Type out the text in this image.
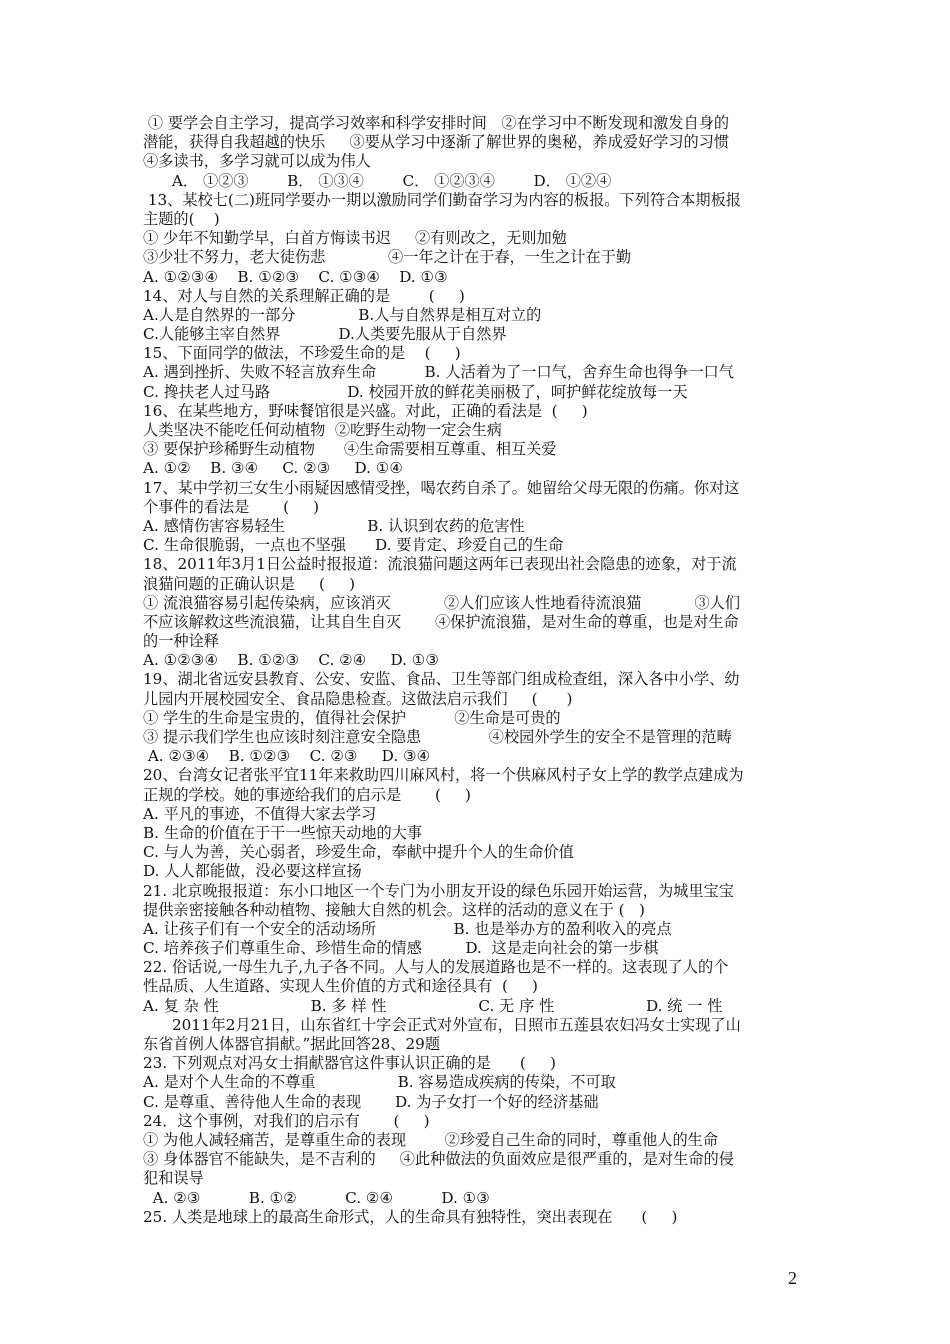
① 要学会自主学习，提高学习效率和科学安排时间   ②在学习中不断发现和激发自身的
潜能，获得自我超越的快乐     ③要从学习中逐渐了解世界的奥秘，养成爱好学习的习惯
④多读书，多学习就可以成为伟人
A． ①②③        B． ①③④        C． ①②③④        D． ①②④
13、某校七(二)班同学要办一期以激励同学们勤奋学习为内容的板报。下列符合本期板报
主题的(    )
① 少年不知勤学早，白首方悔读书迟     ②有则改之，无则加勉
③少壮不努力，老大徒伤悲             ④一年之计在于春，一生之计在于勤
A. ①②③④    B. ①②③    C. ①③④    D. ①③
14、对人与自然的关系理解正确的是        (     )
A.人是自然界的一部分             B.人与自然界是相互对立的
C.人能够主宰自然界            D.人类要先服从于自然界
15、下面同学的做法，不珍爱生命的是    (     )
A. 遇到挫折、失败不轻言放弃生命          B. 人活着为了一口气，舍弃生命也得争一口气
C. 搀扶老人过马路                D. 校园开放的鲜花美丽极了，呵护鲜花绽放每一天
16、在某些地方，野味餐馆很是兴盛。对此，正确的看法是  (     )
人类坚决不能吃任何动植物  ②吃野生动物一定会生病
③ 要保护珍稀野生动植物      ④生命需要相互尊重、相互关爱
A. ①②    B. ③④     C. ②③     D. ①④
17、某中学初三女生小雨疑因感情受挫，喝农药自杀了。她留给父母无限的伤痛。你对这
个事件的看法是       (     )
A. 感情伤害容易轻生                 B. 认识到农药的危害性
C. 生命很脆弱，一点也不坚强      D. 要肯定、珍爱自己的生命
18、2011年3月1日公益时报报道：流浪猫问题这两年已表现出社会隐患的迹象，对于流
浪猫问题的正确认识是     (     )
① 流浪猫容易引起传染病，应该消灭           ②人们应该人性地看待流浪猫           ③人们
不应该解救这些流浪猫，让其自生自灭       ④保护流浪猫，是对生命的尊重，也是对生命
的一种诠释
A. ①②③④    B. ①②③    C. ②④     D. ①③
19、湖北省远安县教育、公安、安监、食品、卫生等部门组成检查组，深入各中小学、幼
儿园内开展校园安全、食品隐患检查。这做法启示我们     (      )
① 学生的生命是宝贵的，值得社会保护          ②生命是可贵的
③ 提示我们学生也应该时刻注意安全隐患              ④校园外学生的安全不是管理的范畴
A. ②③④    B. ①②③    C. ②③     D. ③④
20、台湾女记者张平宜11年来救助四川麻风村，将一个供麻风村子女上学的教学点建成为
正规的学校。她的事迹给我们的启示是       (     )
A. 平凡的事迹，不值得大家去学习
B. 生命的价值在于干一些惊天动地的大事
C. 与人为善，关心弱者，珍爱生命，奉献中提升个人的生命价值
D. 人人都能做，没必要这样宣扬
21. 北京晚报报道：东小口地区一个专门为小朋友开设的绿色乐园开始运营，为城里宝宝
提供亲密接触各种动植物、接触大自然的机会。这样的活动的意义在于 (   )
A. 让孩子们有一个安全的活动场所                B. 也是举办方的盈利收入的亮点
C. 培养孩子们尊重生命、珍惜生命的情感         D.  这是走向社会的第一步棋
22. 俗话说,一母生九子,九子各不同。人与人的发展道路也是不一样的。这表现了人的个
性品质、人生道路、实现人生价值的方式和途径具有  (     )
A. 复 杂 性                   B. 多 样 性                   C. 无 序 性                   D. 统 一 性
2011年2月21日，山东省红十字会正式对外宣布，日照市五莲县农妇冯女士实现了山
东省首例人体器官捐献。”据此回答28、29题
23. 下列观点对冯女士捐献器官这件事认识正确的是      (     )
A. 是对个人生命的不尊重                 B. 容易造成疾病的传染，不可取
C. 是尊重、善待他人生命的表现       D. 为子女打一个好的经济基础
24．这个事例，对我们的启示有       (     )
① 为他人减轻痛苦，是尊重生命的表现        ②珍爱自己生命的同时，尊重他人的生命
③ 身体器官不能缺失，是不吉利的     ④此种做法的负面效应是很严重的，是对生命的侵
犯和误导
A. ②③          B. ①②          C. ②④          D. ①③
25. 人类是地球上的最高生命形式，人的生命具有独特性，突出表现在      (     )
2
